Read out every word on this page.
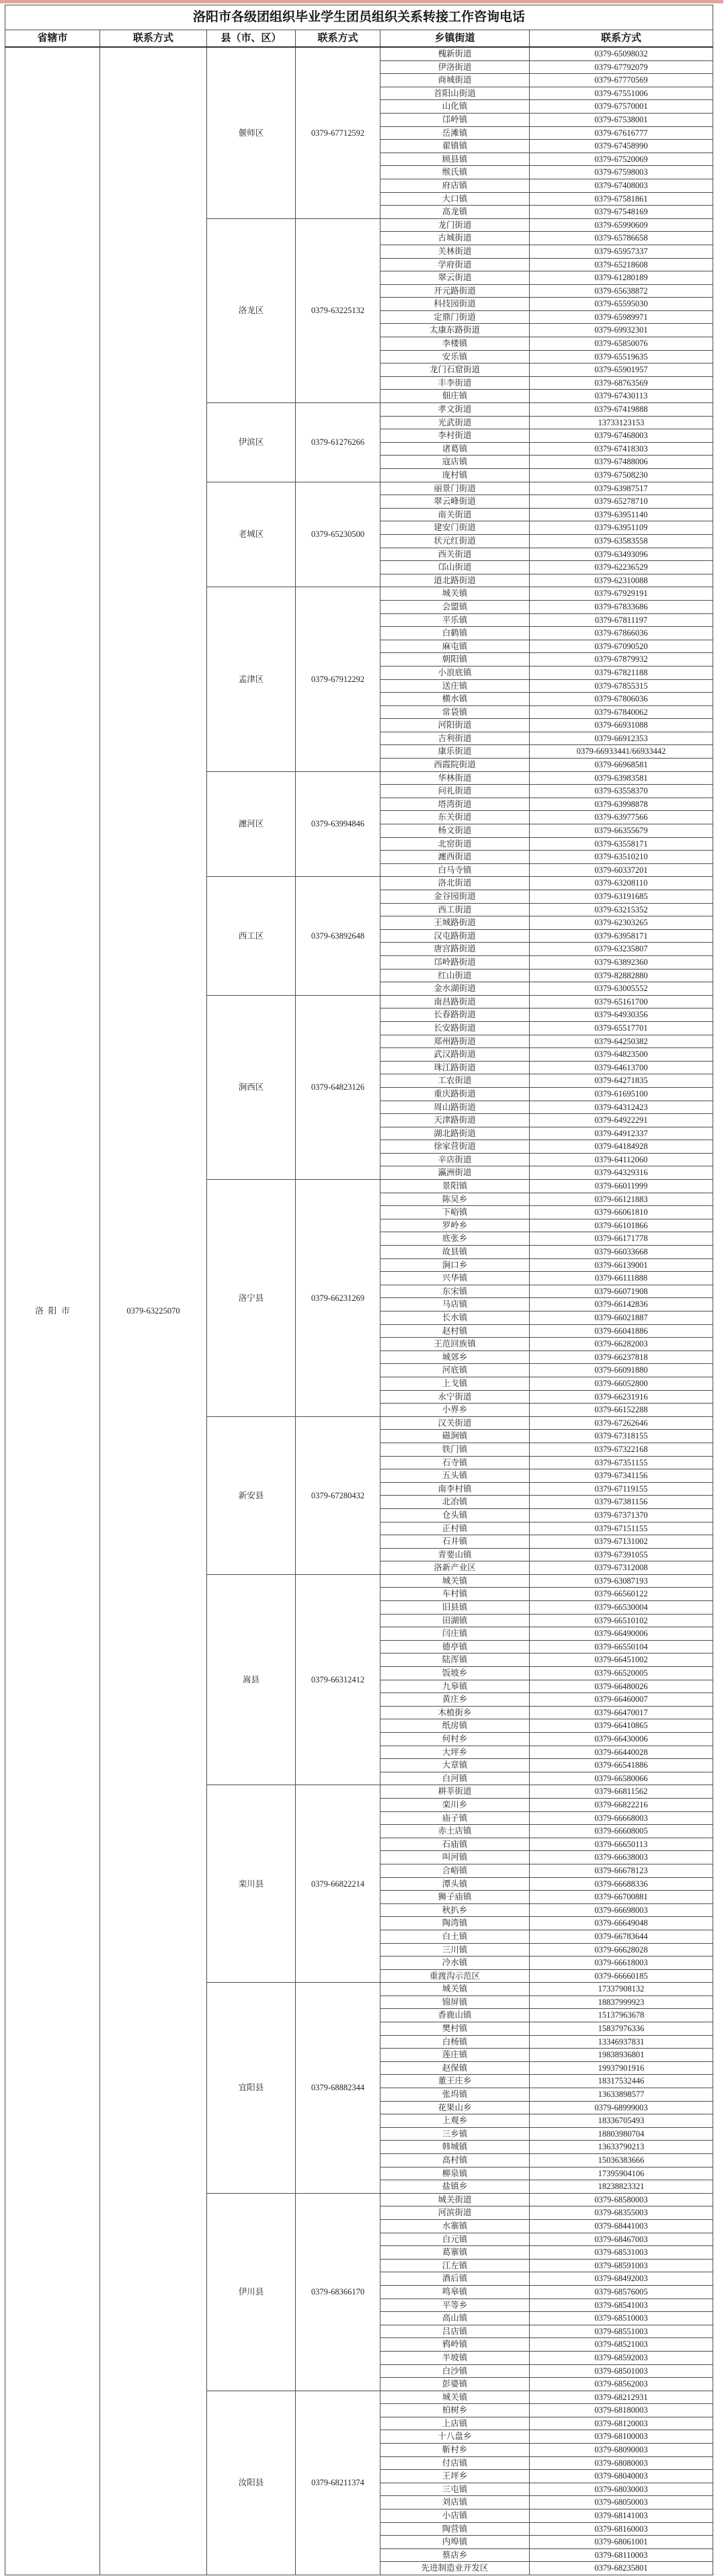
洛阳市各级团组织毕业学生团员组织关系转接工作咨询电话					
省辖市	联系方式	县（市、区）	联系方式	乡镇街道	联系方式
洛阳市	0379-63225070	偃师区	0379-67712592	槐新街道	0379-65098032
				伊洛街道	0379-67792079
				商城街道	0379-67770569
				首阳山街道	0379-67551006
				山化镇	0379-67570001
				邙岭镇	0379-67538001
				岳滩镇	0379-67616777
				翟镇镇	0379-67458990
				顾县镇	0379-67520069
				缑氏镇	0379-67598003
				府店镇	0379-67408003
				大口镇	0379-67581861
				高龙镇	0379-67548169
		洛龙区	0379-63225132	龙门街道	0379-65990609
				古城街道	0379-65786658
				关林街道	0379-65957337
				学府街道	0379-65218608
				翠云街道	0379-61280189
				开元路街道	0379-65638872
				科技园街道	0379-65595030
				定鼎门街道	0379-65989971
				太康东路街道	0379-69932301
				李楼镇	0379-65850076
				安乐镇	0379-65519635
				龙门石窟街道	0379-65901957
				丰李街道	0379-68763569
				佃庄镇	0379-67430113
		伊滨区	0379-61276266	孝文街道	0379-67419888
				光武街道	13733123153
				李村街道	0379-67468003
				诸葛镇	0379-67418303
				寇店镇	0379-67488006
				庞村镇	0379-67508230
		老城区	0379-65230500	丽景门街道	0379-63987517
				翠云峰街道	0379-65278710
				南关街道	0379-63951140
				建安门街道	0379-63951109
				状元红街道	0379-63583558
				西关街道	0379-63493096
				邙山街道	0379-62236529
				道北路街道	0379-62310088
		孟津区	0379-67912292	城关镇	0379-67929191
				会盟镇	0379-67833686
				平乐镇	0379-67811197
				白鹤镇	0379-67866036
				麻屯镇	0379-67090520
				朝阳镇	0379-67879932
				小浪底镇	0379-67821188
				送庄镇	0379-67855315
				横水镇	0379-67806036
				常袋镇	0379-67840062
				河阳街道	0379-66931088
				吉利街道	0379-66912353
				康乐街道	0379-66933441/66933442
				西霞院街道	0379-66968581
		瀍河区	0379-63994846	华林街道	0379-63983581
				问礼街道	0379-63558370
				塔湾街道	0379-63998878
				东关街道	0379-63977566
				杨文街道	0379-66355679
				北窑街道	0379-63558171
				瀍西街道	0379-63510210
				白马寺镇	0379-60337201
		西工区	0379-63892648	洛北街道	0379-63208110
				金谷园街道	0379-63191685
				西工街道	0379-63215352
				王城路街道	0379-62303265
				汉屯路街道	0379-63958171
				唐宫路街道	0379-63235807
				邙岭路街道	0379-63892360
				红山街道	0379-82882880
				金水湖街道	0379-63005552
		涧西区	0379-64823126	南昌路街道	0379-65161700
				长春路街道	0379-64930356
				长安路街道	0379-65517701
				郑州路街道	0379-64250382
				武汉路街道	0379-64823500
				珠江路街道	0379-64613700
				工农街道	0379-64271835
				重庆路街道	0379-61695100
				周山路街道	0379-64312423
				天津路街道	0379-64922291
				湖北路街道	0379-64912337
				徐家营街道	0379-64184928
				辛店街道	0379-64112060
				瀛洲街道	0379-64329316
		洛宁县	0379-66231269	景阳镇	0379-66011999
				陈吴乡	0379-66121883
				下峪镇	0379-66061810
				罗岭乡	0379-66101866
				底张乡	0379-66171778
				故县镇	0379-66033668
				涧口乡	0379-66139001
				兴华镇	0379-66111888
				东宋镇	0379-66071908
				马店镇	0379-66142836
				长水镇	0379-66021887
				赵村镇	0379-66041886
				王范回族镇	0379-66282003
				城郊乡	0379-66237818
				河底镇	0379-66091880
				上戈镇	0379-66052800
				永宁街道	0379-66231916
				小界乡	0379-66152288
		新安县	0379-67280432	汉关街道	0379-67262646
				磁涧镇	0379-67318155
				铁门镇	0379-67322168
				石寺镇	0379-67351155
				五头镇	0379-67341156
				南李村镇	0379-67119155
				北冶镇	0379-67381156
				仓头镇	0379-67371370
				正村镇	0379-67151155
				石井镇	0379-67131002
				青要山镇	0379-67391055
				洛新产业区	0379-67312008
		嵩县	0379-66312412	城关镇	0379-63087193
				车村镇	0379-66560122
				旧县镇	0379-66530004
				田湖镇	0379-66510102
				闫庄镇	0379-66490006
				德亭镇	0379-66550104
				陆浑镇	0379-66451002
				饭坡乡	0379-66520005
				九皋镇	0379-66480026
				黄庄乡	0379-66460007
				木植街乡	0379-66470017
				纸房镇	0379-66410865
				何村乡	0379-66430006
				大坪乡	0379-66440028
				大章镇	0379-66541886
				白河镇	0379-66580066
		栾川县	0379-66822214	耕莘街道	0379-66811562
				栾川乡	0379-66822216
				庙子镇	0379-66668003
				赤土店镇	0379-66608005
				石庙镇	0379-66650113
				叫河镇	0379-66638003
				合峪镇	0379-66678123
				潭头镇	0379-66688336
				狮子庙镇	0379-66700881
				秋扒乡	0379-66698003
				陶湾镇	0379-66649048
				白土镇	0379-66783644
				三川镇	0379-66628028
				冷水镇	0379-66618003
				重渡沟示范区	0379-66660185
		宜阳县	0379-68882344	城关镇	17337908132
				锦屏镇	18837999923
				香鹿山镇	15137963678
				樊村镇	15837976336
				白杨镇	13346937831
				莲庄镇	19838936801
				赵保镇	19937901916
				董王庄乡	18317532446
				张坞镇	13633898577
				花果山乡	0379-68999003
				上观乡	18336705493
				三乡镇	18803980704
				韩城镇	13633790213
				高村镇	15036383666
				柳泉镇	17395904106
				盐镇乡	18238823321
		伊川县	0379-68366170	城关街道	0379-68580003
				河滨街道	0379-68355003
				水寨镇	0379-68441003
				白元镇	0379-68467003
				葛寨镇	0379-68531003
				江左镇	0379-68591003
				酒后镇	0379-68492003
				鸣皋镇	0379-68576005
				平等乡	0379-68541003
				高山镇	0379-68510003
				吕店镇	0379-68551003
				鸦岭镇	0379-68521003
				半坡镇	0379-68592003
				白沙镇	0379-68501003
				彭婆镇	0379-68562003
		汝阳县	0379-68211374	城关镇	0379-68212931
				柏树乡	0379-68180003
				上店镇	0379-68120003
				十八盘乡	0379-68100003
				靳村乡	0379-68090003
				付店镇	0379-68080003
				王坪乡	0379-68040003
				三屯镇	0379-68030003
				刘店镇	0379-68050003
				小店镇	0379-68141003
				陶营镇	0379-68160003
				内埠镇	0379-68061001
				蔡店乡	0379-68110003
				先进制造业开发区	0379-68235801
